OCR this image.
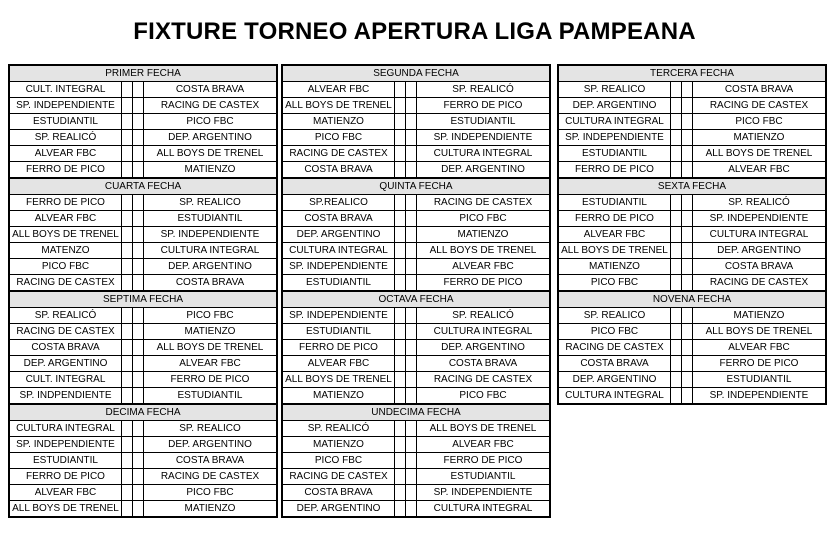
FIXTURE TORNEO APERTURA LIGA PAMPEANA
PRIMER FECHA
CULT. INTEGRAL	COSTA BRAVA
SP. INDEPENDIENTE	RACING DE CASTEX
ESTUDIANTIL	PICO FBC
SP. REALICÓ	DEP. ARGENTINO
ALVEAR FBC	ALL BOYS DE TRENEL
FERRO DE PICO	MATIENZO
SEGUNDA FECHA
ALVEAR FBC	SP. REALICÓ
ALL BOYS DE TRENEL	FERRO DE PICO
MATIENZO	ESTUDIANTIL
PICO FBC	SP. INDEPENDIENTE
RACING DE CASTEX	CULTURA INTEGRAL
COSTA BRAVA	DEP. ARGENTINO
TERCERA FECHA
SP. REALICO	COSTA BRAVA
DEP. ARGENTINO	RACING DE CASTEX
CULTURA INTEGRAL	PICO FBC
SP. INDEPENDIENTE	MATIENZO
ESTUDIANTIL	ALL BOYS DE TRENEL
FERRO DE PICO	ALVEAR FBC
CUARTA FECHA
FERRO DE PICO	SP. REALICO
ALVEAR FBC	ESTUDIANTIL
ALL BOYS DE TRENEL	SP. INDEPENDIENTE
MATENZO	CULTURA INTEGRAL
PICO FBC	DEP. ARGENTINO
RACING DE CASTEX	COSTA BRAVA
QUINTA FECHA
SP.REALICO	RACING DE CASTEX
COSTA BRAVA	PICO FBC
DEP. ARGENTINO	MATIENZO
CULTURA INTEGRAL	ALL BOYS DE TRENEL
SP. INDEPENDIENTE	ALVEAR FBC
ESTUDIANTIL	FERRO DE PICO
SEXTA FECHA
ESTUDIANTIL	SP. REALICÓ
FERRO DE PICO	SP. INDEPENDIENTE
ALVEAR FBC	CULTURA INTEGRAL
ALL BOYS DE TRENEL	DEP. ARGENTINO
MATIENZO	COSTA BRAVA
PICO FBC	RACING DE CASTEX
SEPTIMA FECHA
SP. REALICÓ	PICO FBC
RACING DE CASTEX	MATIENZO
COSTA BRAVA	ALL BOYS DE TRENEL
DEP. ARGENTINO	ALVEAR FBC
CULT. INTEGRAL	FERRO DE PICO
SP. INDPENDIENTE	ESTUDIANTIL
OCTAVA FECHA
SP. INDEPENDIENTE	SP. REALICÓ
ESTUDIANTIL	CULTURA INTEGRAL
FERRO DE PICO	DEP. ARGENTINO
ALVEAR FBC	COSTA BRAVA
ALL BOYS DE TRENEL	RACING DE CASTEX
MATIENZO	PICO FBC
NOVENA FECHA
SP. REALICO	MATIENZO
PICO FBC	ALL BOYS DE TRENEL
RACING DE CASTEX	ALVEAR FBC
COSTA BRAVA	FERRO DE PICO
DEP. ARGENTINO	ESTUDIANTIL
CULTURA INTEGRAL	SP. INDEPENDIENTE
DECIMA FECHA
CULTURA INTEGRAL	SP. REALICO
SP. INDEPENDIENTE	DEP. ARGENTINO
ESTUDIANTIL	COSTA BRAVA
FERRO DE PICO	RACING DE CASTEX
ALVEAR FBC	PICO FBC
ALL BOYS DE TRENEL	MATIENZO
UNDECIMA FECHA
SP. REALICÓ	ALL BOYS DE TRENEL
MATIENZO	ALVEAR FBC
PICO FBC	FERRO DE PICO
RACING DE CASTEX	ESTUDIANTIL
COSTA BRAVA	SP. INDEPENDIENTE
DEP. ARGENTINO	CULTURA INTEGRAL
